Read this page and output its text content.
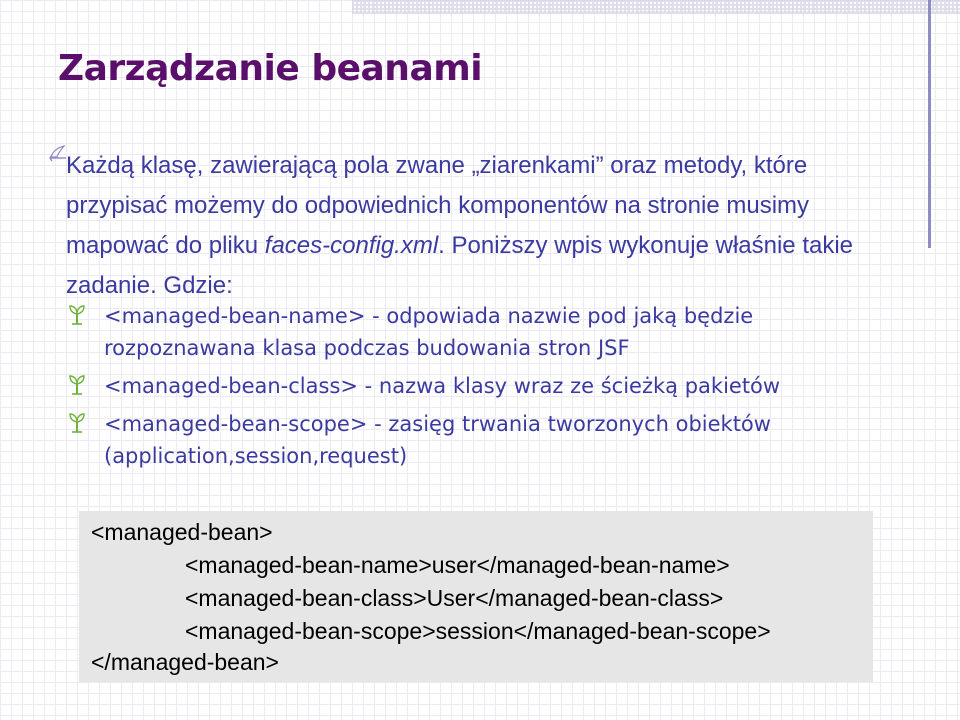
Zarządzanie beanami

Każdą klasę, zawierającą pola zwane „ziarenkami” oraz metody, które przypisać możemy do odpowiednich komponentów na stronie musimy mapować do pliku faces-config.xml. Poniższy wpis wykonuje właśnie takie zadanie. Gdzie:

<managed-bean-name> - odpowiada nazwie pod jaką będzie rozpoznawana klasa podczas budowania stron JSF
<managed-bean-class> - nazwa klasy wraz ze ścieżką pakietów
<managed-bean-scope> - zasięg trwania tworzonych obiektów (application,session,request)
<managed-bean>
<managed-bean-name>user</managed-bean-name>
<managed-bean-class>User</managed-bean-class>
<managed-bean-scope>session</managed-bean-scope>
</managed-bean>
